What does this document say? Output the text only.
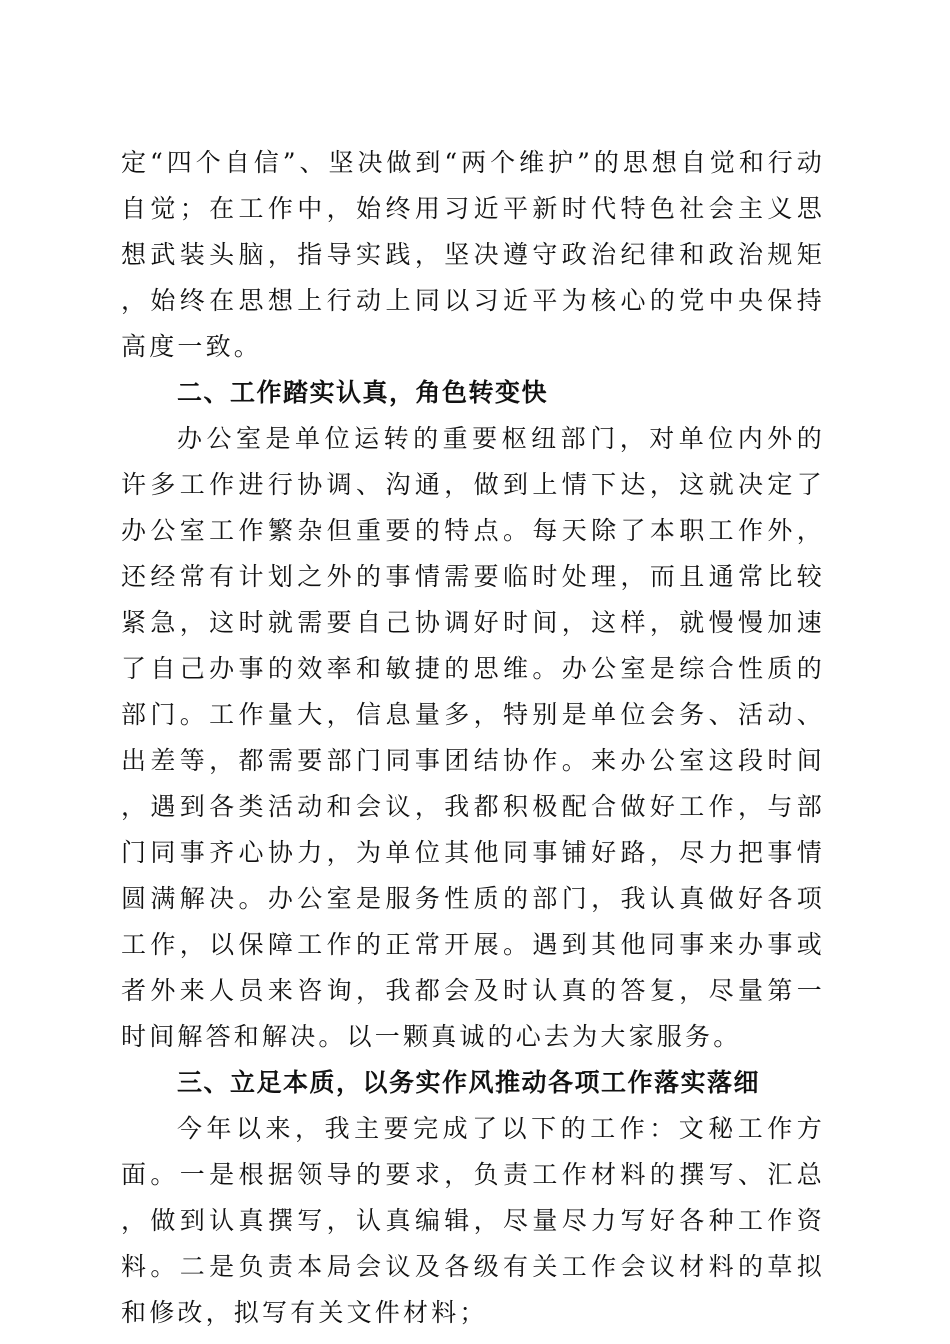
定“四个自信”、坚决做到“两个维护”的思想自觉和行动自觉；在工作中，始终用习近平新时代特色社会主义思想武装头脑，指导实践，坚决遵守政治纪律和政治规矩，始终在思想上行动上同以习近平为核心的党中央保持高度一致。

二、工作踏实认真，角色转变快

办公室是单位运转的重要枢纽部门，对单位内外的许多工作进行协调、沟通，做到上情下达，这就决定了办公室工作繁杂但重要的特点。每天除了本职工作外，还经常有计划之外的事情需要临时处理，而且通常比较紧急，这时就需要自己协调好时间，这样，就慢慢加速了自己办事的效率和敏捷的思维。办公室是综合性质的部门。工作量大，信息量多，特别是单位会务、活动、出差等，都需要部门同事团结协作。来办公室这段时间，遇到各类活动和会议，我都积极配合做好工作，与部门同事齐心协力，为单位其他同事铺好路，尽力把事情圆满解决。办公室是服务性质的部门，我认真做好各项工作，以保障工作的正常开展。遇到其他同事来办事或者外来人员来咨询，我都会及时认真的答复，尽量第一时间解答和解决。以一颗真诚的心去为大家服务。

三、立足本质，以务实作风推动各项工作落实落细

今年以来，我主要完成了以下的工作：文秘工作方面。一是根据领导的要求，负责工作材料的撰写、汇总，做到认真撰写，认真编辑，尽量尽力写好各种工作资料。二是负责本局会议及各级有关工作会议材料的草拟和修改，拟写有关文件材料；
